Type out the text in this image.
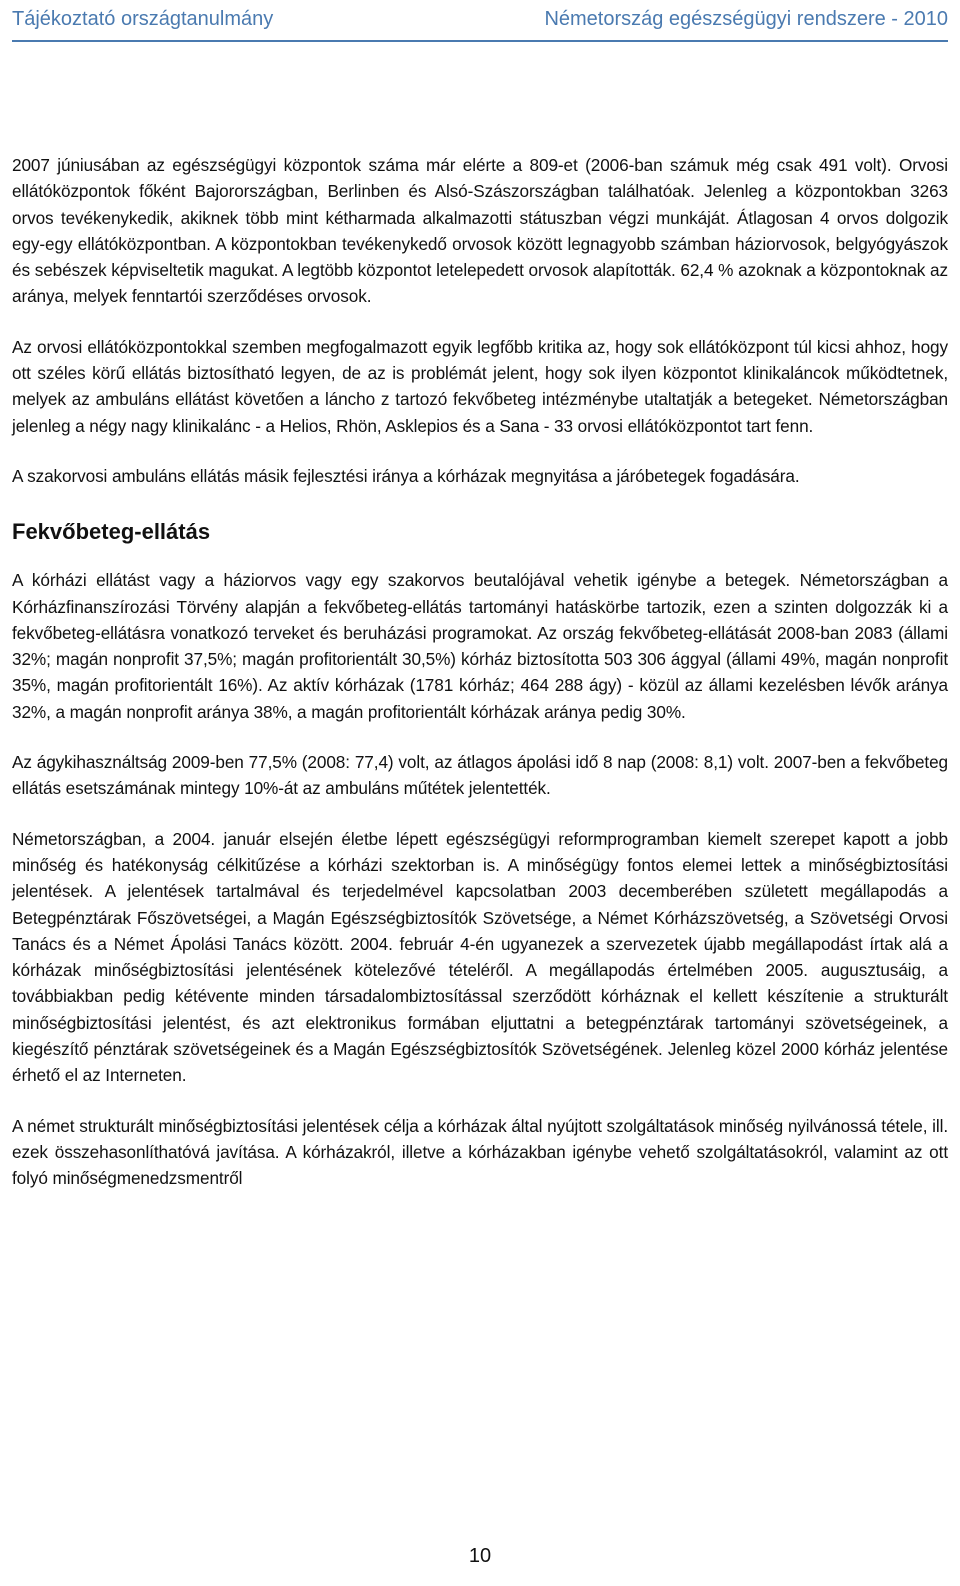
Tájékoztató országtanulmány	Németország egészségügyi rendszere - 2010

2007 júniusában az egészségügyi központok száma már elérte a 809-et (2006-ban számuk még csak 491 volt). Orvosi ellátóközpontok főként Bajorországban, Berlinben és Alsó-Szászországban találhatóak. Jelenleg a központokban 3263 orvos tevékenykedik, akiknek több mint kétharmada alkalmazotti státuszban végzi munkáját. Átlagosan 4 orvos dolgozik egy-egy ellátóközpontban. A központokban tevékenykedő orvosok között legnagyobb számban háziorvosok, belgyógyászok és sebészek képviseltetik magukat. A legtöbb központot letelepedett orvosok alapították. 62,4 % azoknak a központoknak az aránya, melyek fenntartói szerződéses orvosok.

Az orvosi ellátóközpontokkal szemben megfogalmazott egyik legfőbb kritika az, hogy sok ellátóközpont túl kicsi ahhoz, hogy ott széles körű ellátás biztosítható legyen, de az is problémát jelent, hogy sok ilyen központot klinikaláncok működtetnek, melyek az ambuláns ellátást követően a láncho z tartozó fekvőbeteg intézménybe utaltatják a betegeket. Németországban jelenleg a négy nagy klinikalánc - a Helios, Rhön, Asklepios és a Sana - 33 orvosi ellátóközpontot tart fenn.

A szakorvosi ambuláns ellátás másik fejlesztési iránya a kórházak megnyitása a járóbetegek fogadására.

Fekvőbeteg-ellátás

A kórházi ellátást vagy a háziorvos vagy egy szakorvos beutalójával vehetik igénybe a betegek. Németországban a Kórházfinanszírozási Törvény alapján a fekvőbeteg-ellátás tartományi hatáskörbe tartozik, ezen a szinten dolgozzák ki a fekvőbeteg-ellátásra vonatkozó terveket és beruházási programokat. Az ország fekvőbeteg-ellátását 2008-ban 2083 (állami 32%; magán nonprofit 37,5%; magán profitorientált 30,5%) kórház biztosította 503 306 ággyal (állami 49%, magán nonprofit 35%, magán profitorientált 16%). Az aktív kórházak (1781 kórház; 464 288 ágy) - közül az állami kezelésben lévők aránya 32%, a magán nonprofit aránya 38%, a magán profitorientált kórházak aránya pedig 30%.

Az ágykihasználtság 2009-ben 77,5% (2008: 77,4) volt, az átlagos ápolási idő 8 nap (2008: 8,1) volt. 2007-ben a fekvőbeteg ellátás esetszámának mintegy 10%-át az ambuláns műtétek jelentették.

Németországban, a 2004. január elsején életbe lépett egészségügyi reformprogramban kiemelt szerepet kapott a jobb minőség és hatékonyság célkitűzése a kórházi szektorban is. A minőségügy fontos elemei lettek a minőségbiztosítási jelentések. A jelentések tartalmával és terjedelmével kapcsolatban 2003 decemberében született megállapodás a Betegpénztárak Főszövetségei, a Magán Egészségbiztosítók Szövetsége, a Német Kórházszövetség, a Szövetségi Orvosi Tanács és a Német Ápolási Tanács között. 2004. február 4-én ugyanezek a szervezetek újabb megállapodást írtak alá a kórházak minőségbiztosítási jelentésének kötelezővé tételéről. A megállapodás értelmében 2005. augusztusáig, a továbbiakban pedig kétévente minden társadalombiztosítással szerződött kórháznak el kellett készítenie a strukturált minőségbiztosítási jelentést, és azt elektronikus formában eljuttatni a betegpénztárak tartományi szövetségeinek, a kiegészítő pénztárak szövetségeinek és a Magán Egészségbiztosítók Szövetségének. Jelenleg közel 2000 kórház jelentése érhető el az Interneten.

A német strukturált minőségbiztosítási jelentések célja a kórházak által nyújtott szolgáltatások minőség nyilvánossá tétele, ill. ezek összehasonlíthatóvá javítása. A kórházakról, illetve a kórházakban igénybe vehető szolgáltatásokról, valamint az ott folyó minőségmenedzsmentről

10
